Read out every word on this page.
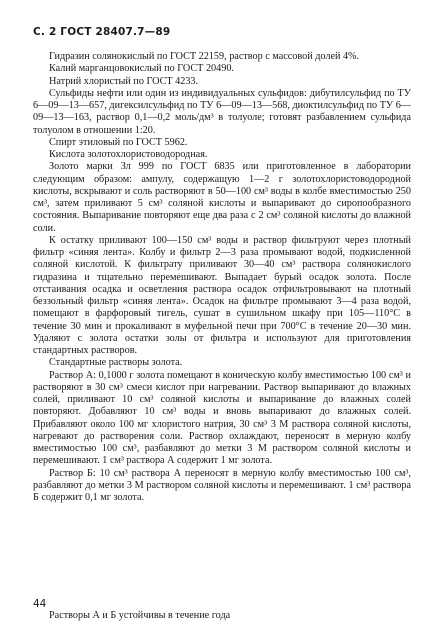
С. 2 ГОСТ 28407.7—89

Гидразин солянокислый по ГОСТ 22159, раствор с массовой долей 4%.

Калий марганцовокислый по ГОСТ 20490.

Натрий хлористый по ГОСТ 4233.

Сульфиды нефти или один из индивидуальных сульфидов: дибутилсульфид по ТУ 6—09—13—657, дигексилсульфид по ТУ 6—09—13—568, диоктилсульфид по ТУ 6—09—13—163, раствор 0,1—0,2 моль/дм³ в толуоле; готовят разбавлением сульфида толуолом в отношении 1:20.

Спирт этиловый по ГОСТ 5962.

Кислота золотохлористоводородная.

Золото марки Зл 999 по ГОСТ 6835 или приготовленное в лаборатории следующим образом: ампулу, содержащую 1—2 г золотохлористоводородной кислоты, вскрывают и соль растворяют в 50—100 см³ воды в колбе вместимостью 250 см³, затем приливают 5 см³ соляной кислоты и выпаривают до сиропообразного состояния. Выпаривание повторяют еще два раза с 2 см³ соляной кислоты до влажной соли.

К остатку приливают 100—150 см³ воды и раствор фильтруют через плотный фильтр «синяя лента». Колбу и фильтр 2—3 раза промывают водой, подкисленной соляной кислотой. К фильтрату приливают 30—40 см³ раствора солянокислого гидразина и тщательно перемешивают. Выпадает бурый осадок золота. После отстаивания осадка и осветления раствора осадок отфильтровывают на плотный беззольный фильтр «синяя лента». Осадок на фильтре промывают 3—4 раза водой, помещают в фарфоровый тигель, сушат в сушильном шкафу при 105—110°С в течение 30 мин и прокаливают в муфельной печи при 700°С в течение 20—30 мин. Удаляют с золота остатки золы от фильтра и используют для приготовления стандартных растворов.

Стандартные растворы золота.

Раствор А: 0,1000 г золота помещают в коническую колбу вместимостью 100 см³ и растворяют в 30 см³ смеси кислот при нагревании. Раствор выпаривают до влажных солей, приливают 10 см³ соляной кислоты и выпаривание до влажных солей повторяют. Добавляют 10 см³ воды и вновь выпаривают до влажных солей. Прибавляют около 100 мг хлористого натрия, 30 см³ 3 М раствора соляной кислоты, нагревают до растворения соли. Раствор охлаждают, переносят в мерную колбу вместимостью 100 см³, разбавляют до метки 3 М раствором соляной кислоты и перемешивают. 1 см³ раствора А содержит 1 мг золота.

Раствор Б: 10 см³ раствора А переносят в мерную колбу вместимостью 100 см³, разбавляют до метки 3 М раствором соляной кислоты и перемешивают. 1 см³ раствора Б содержит 0,1 мг золота.

44
Растворы А и Б устойчивы в течение года
